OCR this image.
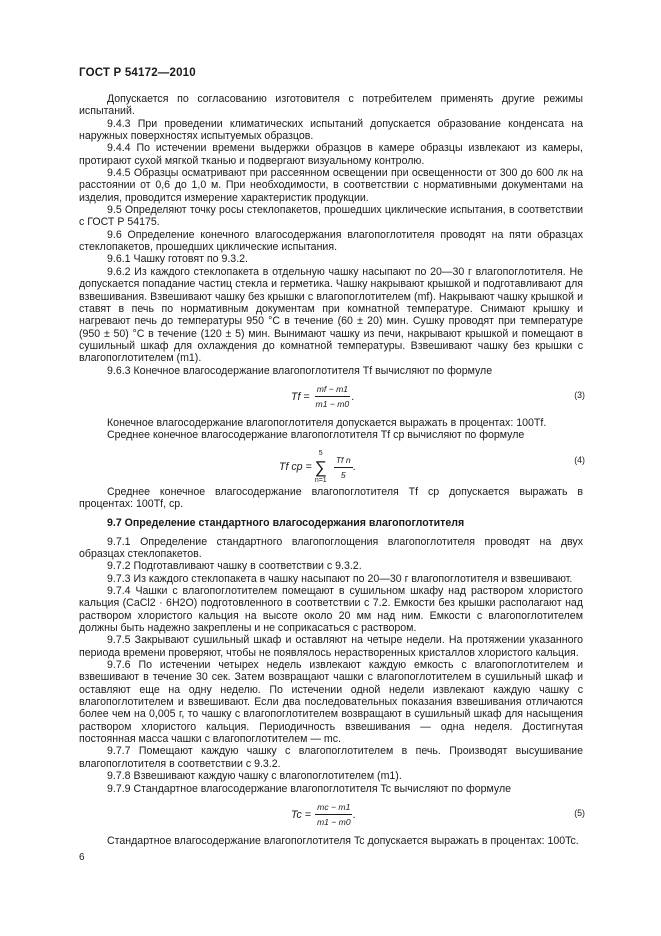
ГОСТ Р 54172—2010

Допускается по согласованию изготовителя с потребителем применять другие режимы испытаний.

9.4.3 При проведении климатических испытаний допускается образование конденсата на наружных поверхностях испытуемых образцов.

9.4.4 По истечении времени выдержки образцов в камере образцы извлекают из камеры, протирают сухой мягкой тканью и подвергают визуальному контролю.

9.4.5 Образцы осматривают при рассеянном освещении при освещенности от 300 до 600 лк на расстоянии от 0,6 до 1,0 м. При необходимости, в соответствии с нормативными документами на изделия, проводится измерение характеристик продукции.

9.5 Определяют точку росы стеклопакетов, прошедших циклические испытания, в соответствии с ГОСТ Р 54175.

9.6 Определение конечного влагосодержания влагопоглотителя проводят на пяти образцах стеклопакетов, прошедших циклические испытания.

9.6.1 Чашку готовят по 9.3.2.

9.6.2 Из каждого стеклопакета в отдельную чашку насыпают по 20—30 г влагопоглотителя. Не допускается попадание частиц стекла и герметика. Чашку накрывают крышкой и подготавливают для взвешивания. Взвешивают чашку без крышки с влагопоглотителем (mf). Накрывают чашку крышкой и ставят в печь по нормативным документам при комнатной температуре. Снимают крышку и нагревают печь до температуры 950 °С в течение (60 ± 20) мин. Сушку проводят при температуре (950 ± 50) °С в течение (120 ± 5) мин. Вынимают чашку из печи, накрывают крышкой и помещают в сушильный шкаф для охлаждения до комнатной температуры. Взвешивают чашку без крышки с влагопоглотителем (m1).

9.6.3 Конечное влагосодержание влагопоглотителя Tf вычисляют по формуле

$Tf = \frac{mf - m1}{m1 - m0}$ .	(3)

Конечное влагосодержание влагопоглотителя допускается выражать в процентах: 100Tf.

Среднее конечное влагосодержание влагопоглотителя Tf ср вычисляют по формуле

Tf ср =
5
∑
$n=1 \frac{\text{Tf n}}{5}$ .
(4)

Среднее конечное влагосодержание влагопоглотителя Tf ср допускается выражать в процентах: 100Tf, ср.

9.7 Определение стандартного влагосодержания влагопоглотителя

9.7.1 Определение стандартного влагопоглощения влагопоглотителя проводят на двух образцах стеклопакетов.

9.7.2 Подготавливают чашку в соответствии с 9.3.2.

9.7.3 Из каждого стеклопакета в чашку насыпают по 20—30 г влагопоглотителя и взвешивают.

9.7.4 Чашки с влагопоглотителем помещают в сушильном шкафу над раствором хлористого кальция (CaCl2 · 6H2O) подготовленного в соответствии с 7.2. Емкости без крышки располагают над раствором хлористого кальция на высоте около 20 мм над ним. Емкости с влагопоглотителем должны быть надежно закреплены и не соприкасаться с раствором.

9.7.5 Закрывают сушильный шкаф и оставляют на четыре недели. На протяжении указанного периода времени проверяют, чтобы не появлялось нерастворенных кристаллов хлористого кальция.

9.7.6 По истечении четырех недель извлекают каждую емкость с влагопоглотителем и взвешивают в течение 30 сек. Затем возвращают чашки с влагопоглотителем в сушильный шкаф и оставляют еще на одну неделю. По истечении одной недели извлекают каждую чашку с влагопоглотителем и взвешивают. Если два последовательных показания взвешивания отличаются более чем на 0,005 г, то чашку с влагопоглотителем возвращают в сушильный шкаф для насыщения раствором хлористого кальция. Периодичность взвешивания — одна неделя. Достигнутая постоянная масса чашки с влагопоглотителем — mc.

9.7.7 Помещают каждую чашку с влагопоглотителем в печь. Производят высушивание влагопоглотителя в соответствии с 9.3.2.

9.7.8 Взвешивают каждую чашку с влагопоглотителем (m1).

9.7.9 Стандартное влагосодержание влагопоглотителя Tc вычисляют по формуле

$Tc = \frac{mc - m1}{m1 - m0}$ .	(5)

Стандартное влагосодержание влагопоглотителя Tc допускается выражать в процентах: 100Tc.

6
